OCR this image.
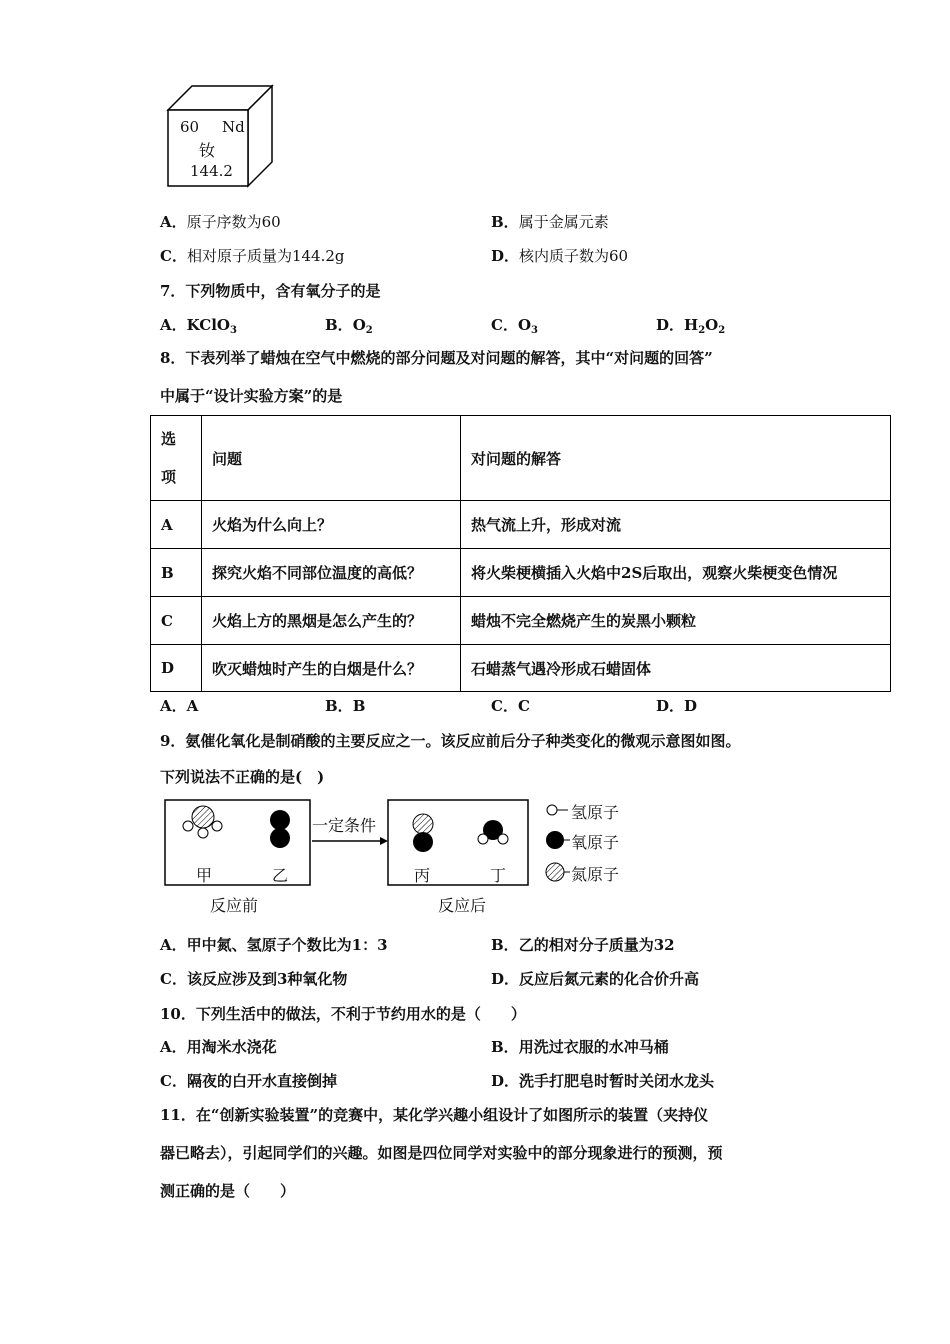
60 Nd
钕
144.2
A．原子序数为60	B．属于金属元素
C．相对原子质量为144.2g	D．核内质子数为60
7．下列物质中，含有氧分子的是
A．KClO$_3$	B．$O_2$	C．$O_3$	D．$H_2O_2$
8．下表列举了蜡烛在空气中燃烧的部分问题及对问题的解答，其中“对问题的回答”
中属于“设计实验方案”的是
选
项	问题	对问题的解答
A	火焰为什么向上？	热气流上升，形成对流
B	探究火焰不同部位温度的高低？	将火柴梗横插入火焰中2S后取出，观察火柴梗变色情况
C	火焰上方的黑烟是怎么产生的？	蜡烛不完全燃烧产生的炭黑小颗粒
D	吹灭蜡烛时产生的白烟是什么？	石蜡蒸气遇冷形成石蜡固体
A．A	B．B	C．C	D．D
9．氨催化氧化是制硝酸的主要反应之一。该反应前后分子种类变化的微观示意图如图。
下列说法不正确的是(　)
一定条件
甲	乙	丙	丁
反应前	反应后
氢原子
氧原子
氮原子
A．甲中氮、氢原子个数比为1：3	B．乙的相对分子质量为32
C．该反应涉及到3种氧化物	D．反应后氮元素的化合价升高
10．下列生活中的做法，不利于节约用水的是（　　）
A．用淘米水浇花	B．用洗过衣服的水冲马桶
C．隔夜的白开水直接倒掉	D．洗手打肥皂时暂时关闭水龙头
11．在“创新实验装置”的竞赛中，某化学兴趣小组设计了如图所示的装置（夹持仪
器已略去），引起同学们的兴趣。如图是四位同学对实验中的部分现象进行的预测，预
测正确的是（　　）
